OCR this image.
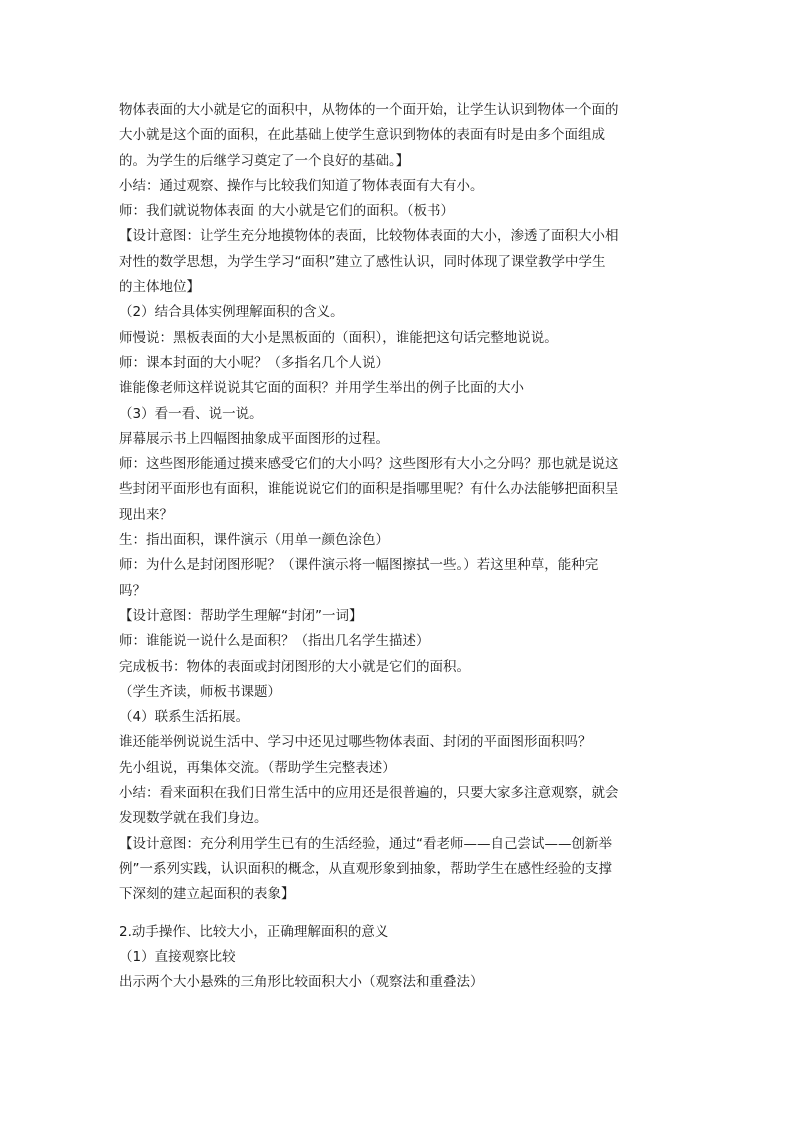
物体表面的大小就是它的面积中，从物体的一个面开始，让学生认识到物体一个面的

大小就是这个面的面积，在此基础上使学生意识到物体的表面有时是由多个面组成

的。为学生的后继学习奠定了一个良好的基础。】

小结：通过观察、操作与比较我们知道了物体表面有大有小。

师：我们就说物体表面 的大小就是它们的面积。（板书）

【设计意图：让学生充分地摸物体的表面，比较物体表面的大小，渗透了面积大小相

对性的数学思想，为学生学习“面积”建立了感性认识，同时体现了课堂教学中学生

的主体地位】

（2）结合具体实例理解面积的含义。

师慢说：黑板表面的大小是黑板面的（面积），谁能把这句话完整地说说。

师：课本封面的大小呢？（多指名几个人说）

谁能像老师这样说说其它面的面积？并用学生举出的例子比面的大小

（3）看一看、说一说。

屏幕展示书上四幅图抽象成平面图形的过程。

师：这些图形能通过摸来感受它们的大小吗？这些图形有大小之分吗？那也就是说这

些封闭平面形也有面积，谁能说说它们的面积是指哪里呢？有什么办法能够把面积呈

现出来？

生：指出面积，课件演示（用单一颜色涂色）

师：为什么是封闭图形呢？（课件演示将一幅图擦拭一些。）若这里种草，能种完

吗？

【设计意图：帮助学生理解“封闭”一词】

师：谁能说一说什么是面积？（指出几名学生描述）

完成板书：物体的表面或封闭图形的大小就是它们的面积。

（学生齐读，师板书课题）

（4）联系生活拓展。

谁还能举例说说生活中、学习中还见过哪些物体表面、封闭的平面图形面积吗？

先小组说，再集体交流。（帮助学生完整表述）

小结：看来面积在我们日常生活中的应用还是很普遍的，只要大家多注意观察，就会

发现数学就在我们身边。

【设计意图：充分利用学生已有的生活经验，通过“看老师——自己尝试——创新举

例”一系列实践，认识面积的概念，从直观形象到抽象，帮助学生在感性经验的支撑

下深刻的建立起面积的表象】

2.动手操作、比较大小，正确理解面积的意义

（1）直接观察比较

出示两个大小悬殊的三角形比较面积大小（观察法和重叠法）
